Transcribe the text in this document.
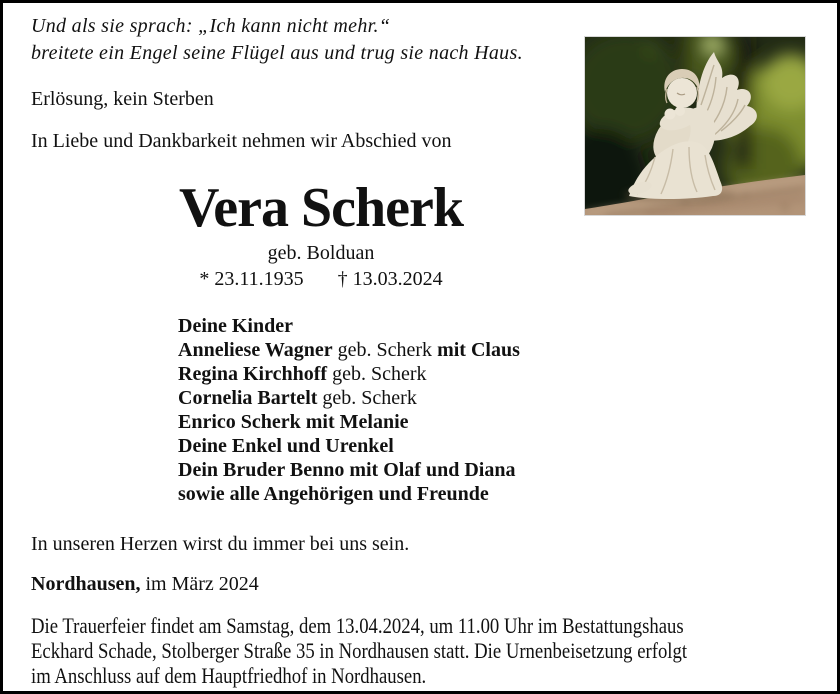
Und als sie sprach: „Ich kann nicht mehr.“
breitete ein Engel seine Flügel aus und trug sie nach Haus.
Erlösung, kein Sterben
In Liebe und Dankbarkeit nehmen wir Abschied von
Vera Scherk
geb. Bolduan
* 23.11.1935 † 13.03.2024
Deine Kinder
Anneliese Wagner geb. Scherk mit Claus
Regina Kirchhoff geb. Scherk
Cornelia Bartelt geb. Scherk
Enrico Scherk mit Melanie
Deine Enkel und Urenkel
Dein Bruder Benno mit Olaf und Diana
sowie alle Angehörigen und Freunde
In unseren Herzen wirst du immer bei uns sein.
Nordhausen, im März 2024
Die Trauerfeier findet am Samstag, dem 13.04.2024, um 11.00 Uhr im Bestattungshaus
Eckhard Schade, Stolberger Straße 35 in Nordhausen statt. Die Urnenbeisetzung erfolgt
im Anschluss auf dem Hauptfriedhof in Nordhausen.
